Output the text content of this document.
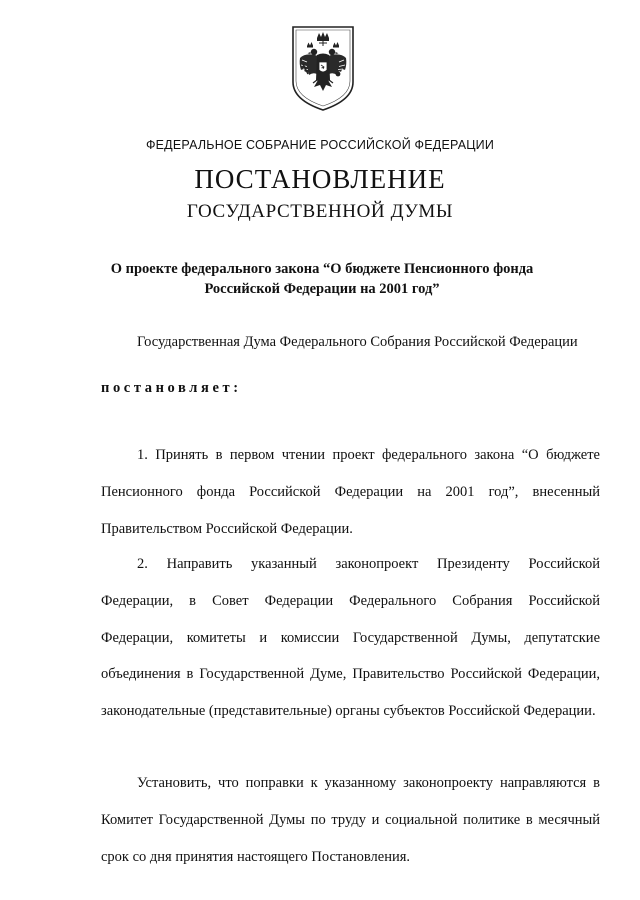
ФЕДЕРАЛЬНОЕ СОБРАНИЕ РОССИЙСКОЙ ФЕДЕРАЦИИ
ПОСТАНОВЛЕНИЕ
ГОСУДАРСТВЕННОЙ ДУМЫ
О проекте федерального закона “О бюджете Пенсионного фонда
Российской Федерации на 2001 год”
Государственная Дума Федерального Собрания Российской Федерации
постановляет:
1. Принять в первом чтении проект федерального закона “О бюджете Пенсионного фонда Российской Федерации на 2001 год”, внесенный Правительством Российской Федерации.
2. Направить указанный законопроект Президенту Российской Федерации, в Совет Федерации Федерального Собрания Российской Федерации, комитеты и комиссии Государственной Думы, депутатские объединения в Государственной Думе, Правительство Российской Федерации, законодательные (представительные) органы субъектов Российской Федерации.
Установить, что поправки к указанному законопроекту направляются в Комитет Государственной Думы по труду и социальной политике в месячный срок со дня принятия настоящего Постановления.
